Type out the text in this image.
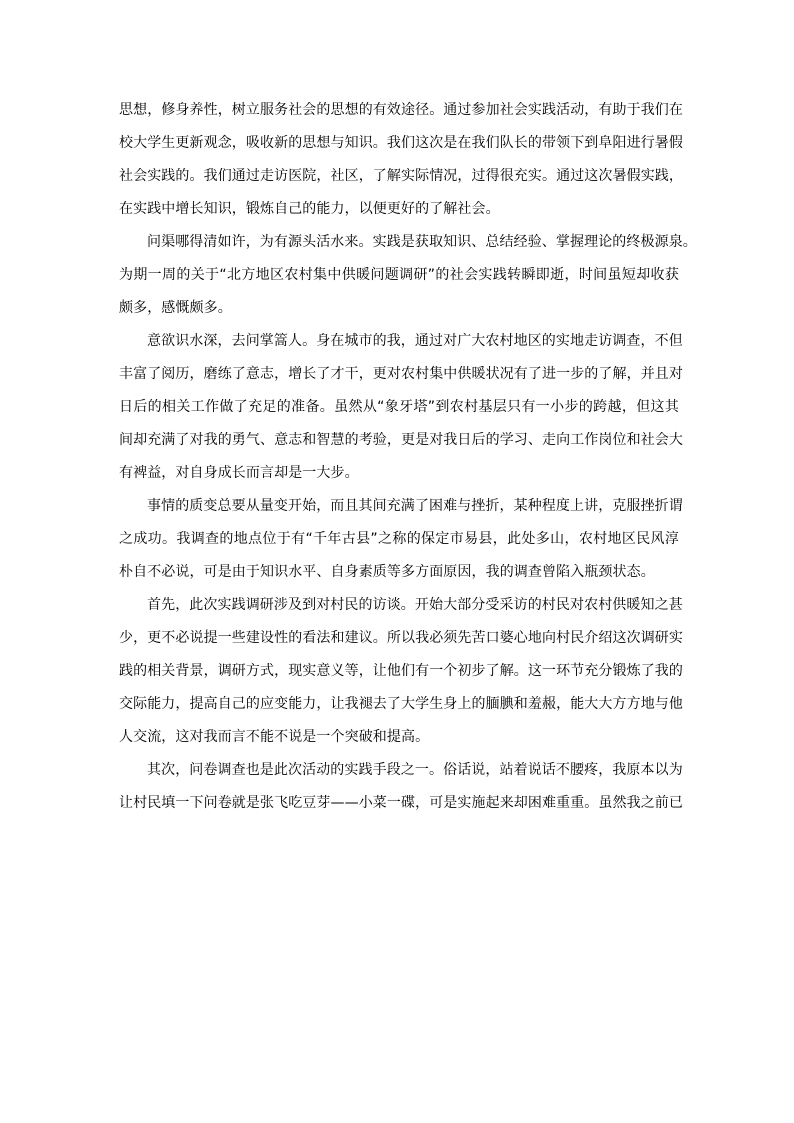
思想，修身养性，树立服务社会的思想的有效途径。通过参加社会实践活动，有助于我们在
校大学生更新观念，吸收新的思想与知识。我们这次是在我们队长的带领下到阜阳进行暑假
社会实践的。我们通过走访医院，社区，了解实际情况，过得很充实。通过这次暑假实践，
在实践中增长知识，锻炼自己的能力，以便更好的了解社会。
问渠哪得清如许，为有源头活水来。实践是获取知识、总结经验、掌握理论的终极源泉。
为期一周的关于“北方地区农村集中供暖问题调研”的社会实践转瞬即逝，时间虽短却收获
颇多，感慨颇多。
意欲识水深，去问掌篙人。身在城市的我，通过对广大农村地区的实地走访调查，不但
丰富了阅历，磨练了意志，增长了才干，更对农村集中供暖状况有了进一步的了解，并且对
日后的相关工作做了充足的准备。虽然从“象牙塔”到农村基层只有一小步的跨越，但这其
间却充满了对我的勇气、意志和智慧的考验，更是对我日后的学习、走向工作岗位和社会大
有裨益，对自身成长而言却是一大步。
事情的质变总要从量变开始，而且其间充满了困难与挫折，某种程度上讲，克服挫折谓
之成功。我调查的地点位于有“千年古县”之称的保定市易县，此处多山，农村地区民风淳
朴自不必说，可是由于知识水平、自身素质等多方面原因，我的调查曾陷入瓶颈状态。
首先，此次实践调研涉及到对村民的访谈。开始大部分受采访的村民对农村供暖知之甚
少，更不必说提一些建设性的看法和建议。所以我必须先苦口婆心地向村民介绍这次调研实
践的相关背景，调研方式，现实意义等，让他们有一个初步了解。这一环节充分锻炼了我的
交际能力，提高自己的应变能力，让我褪去了大学生身上的腼腆和羞赧，能大大方方地与他
人交流，这对我而言不能不说是一个突破和提高。
其次，问卷调查也是此次活动的实践手段之一。俗话说，站着说话不腰疼，我原本以为
让村民填一下问卷就是张飞吃豆芽——小菜一碟，可是实施起来却困难重重。虽然我之前已
